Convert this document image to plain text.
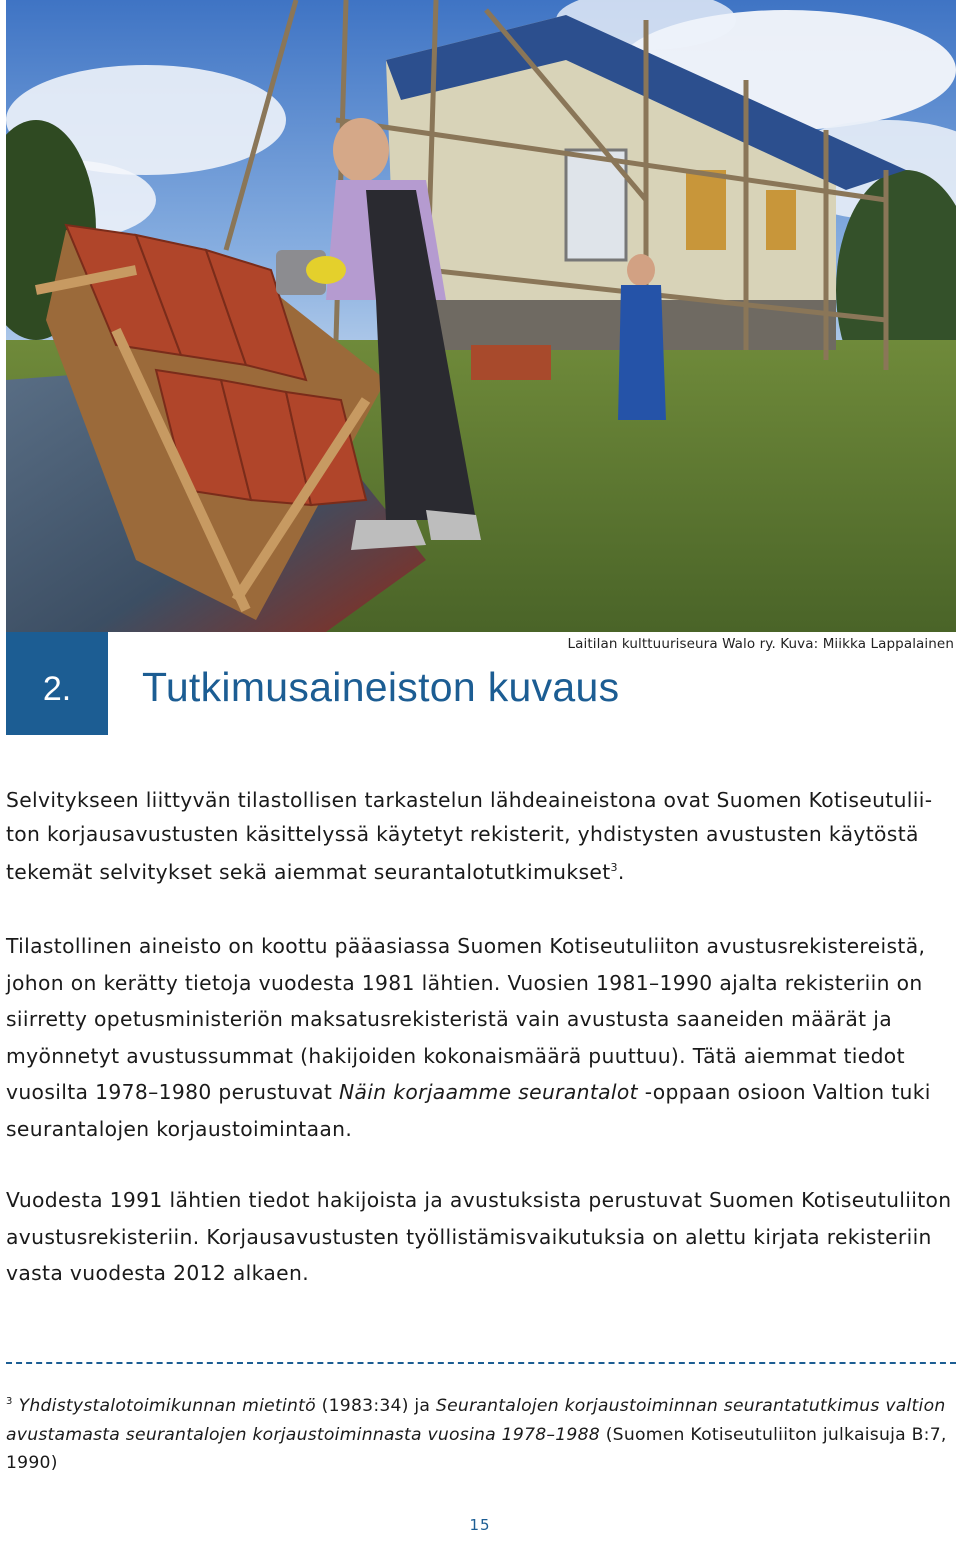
Laitilan kulttuuriseura Walo ry. Kuva: Miikka Lappalainen
2. Tutkimusaineiston kuvaus
Selvitykseen liittyvän tilastollisen tarkastelun lähdeaineistona ovat Suomen Kotiseutulii-
ton korjausavustusten käsittelyssä käytetyt rekisterit, yhdistysten avustusten käytöstä
tekemät selvitykset sekä aiemmat seurantalotutkimukset$^3$.
Tilastollinen aineisto on koottu pääasiassa Suomen Kotiseutuliiton avustusrekistereistä, johon on kerätty tietoja vuodesta 1981 lähtien. Vuosien 1981–1990 ajalta rekisteriin on siirretty opetusministeriön maksatusrekisteristä vain avustusta saaneiden määrät ja myönnetyt avustussummat (hakijoiden kokonaismäärä puuttuu). Tätä aiemmat tiedot vuosilta 1978–1980 perustuvat Näin korjaamme seurantalot -oppaan osioon Valtion tuki seurantalojen korjaustoimintaan.
Vuodesta 1991 lähtien tiedot hakijoista ja avustuksista perustuvat Suomen Kotiseutuliiton avustusrekisteriin. Korjausavustusten työllistämisvaikutuksia on alettu kirjata rekisteriin vasta vuodesta 2012 alkaen.
$^3$ Yhdistystalotoimikunnan mietintö (1983:34) ja Seurantalojen korjaustoiminnan seurantatutkimus valtion avustamasta seurantalojen korjaustoiminnasta vuosina 1978–1988 (Suomen Kotiseutuliiton julkaisuja B:7, 1990)
15
